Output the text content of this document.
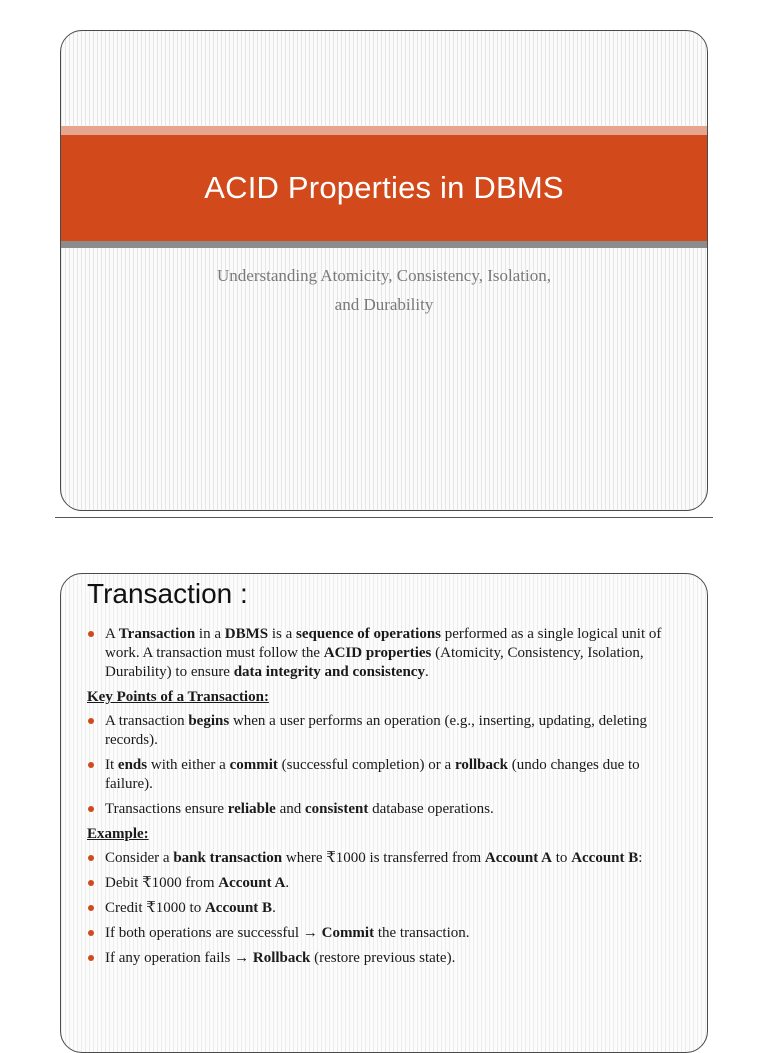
ACID Properties in DBMS
Understanding Atomicity, Consistency, Isolation,
and Durability
Transaction :
A Transaction in a DBMS is a sequence of operations performed as a single logical unit of work. A transaction must follow the ACID properties (Atomicity, Consistency, Isolation, Durability) to ensure data integrity and consistency.
Key Points of a Transaction:
A transaction begins when a user performs an operation (e.g., inserting, updating, deleting records).
It ends with either a commit (successful completion) or a rollback (undo changes due to failure).
Transactions ensure reliable and consistent database operations.
Example:
Consider a bank transaction where ₹1000 is transferred from Account A to Account B:
Debit ₹1000 from Account A.
Credit ₹1000 to Account B.
If both operations are successful → Commit the transaction.
If any operation fails → Rollback (restore previous state).
